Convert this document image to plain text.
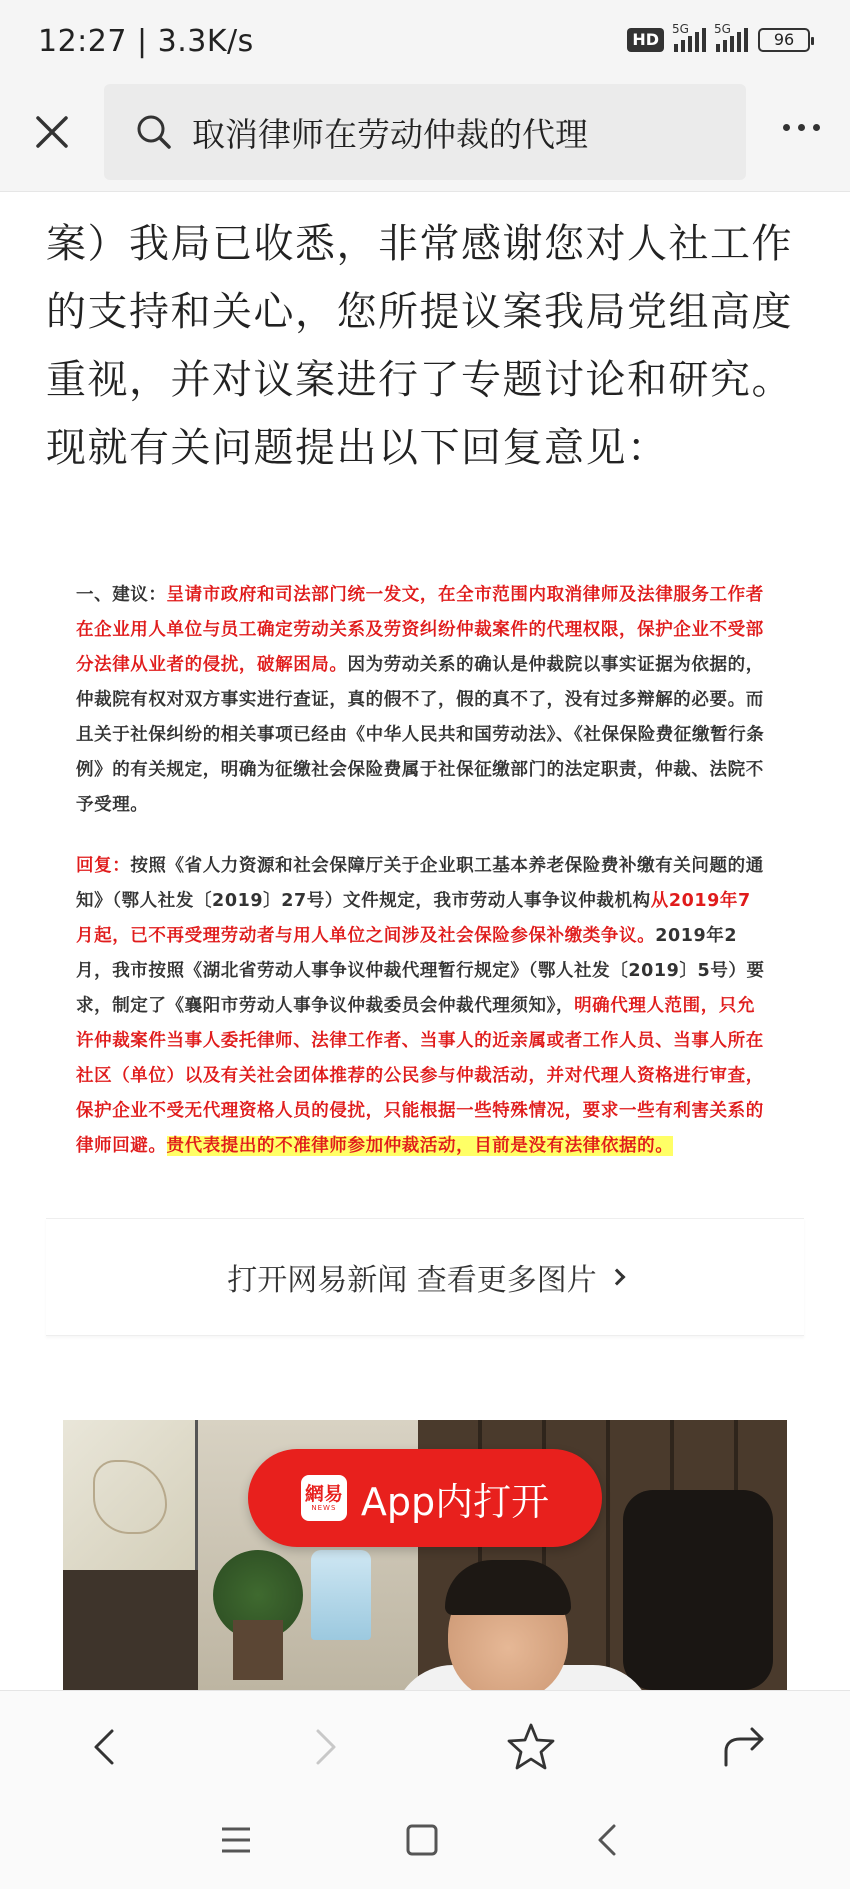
12:27 | 3.3K/s	HD
5G 5G
96
取消律师在劳动仲裁的代理

案）我局已收悉，非常感谢您对人社工作

的支持和关心，您所提议案我局党组高度

重视，并对议案进行了专题讨论和研究。

现就有关问题提出以下回复意见：

一、建议：呈请市政府和司法部门统一发文，在全市范围内取消律师及法律服务工作者在企业用人单位与员工确定劳动关系及劳资纠纷仲裁案件的代理权限，保护企业不受部分法律从业者的侵扰，破解困局。因为劳动关系的确认是仲裁院以事实证据为依据的，仲裁院有权对双方事实进行查证，真的假不了，假的真不了，没有过多辩解的必要。而且关于社保纠纷的相关事项已经由《中华人民共和国劳动法》、《社保保险费征缴暂行条例》的有关规定，明确为征缴社会保险费属于社保征缴部门的法定职责，仲裁、法院不予受理。

回复：按照《省人力资源和社会保障厅关于企业职工基本养老保险费补缴有关问题的通知》（鄂人社发〔2019〕27号）文件规定，我市劳动人事争议仲裁机构从2019年7月起，已不再受理劳动者与用人单位之间涉及社会保险参保补缴类争议。2019年2月，我市按照《湖北省劳动人事争议仲裁代理暂行规定》（鄂人社发〔2019〕5号）要求，制定了《襄阳市劳动人事争议仲裁委员会仲裁代理须知》，明确代理人范围，只允许仲裁案件当事人委托律师、法律工作者、当事人的近亲属或者工作人员、当事人所在社区（单位）以及有关社会团体推荐的公民参与仲裁活动，并对代理人资格进行审查，保护企业不受无代理资格人员的侵扰，只能根据一些特殊情况，要求一些有利害关系的律师回避。贵代表提出的不准律师参加仲裁活动，目前是没有法律依据的。

打开网易新闻 查看更多图片
網易
NEWS App内打开
